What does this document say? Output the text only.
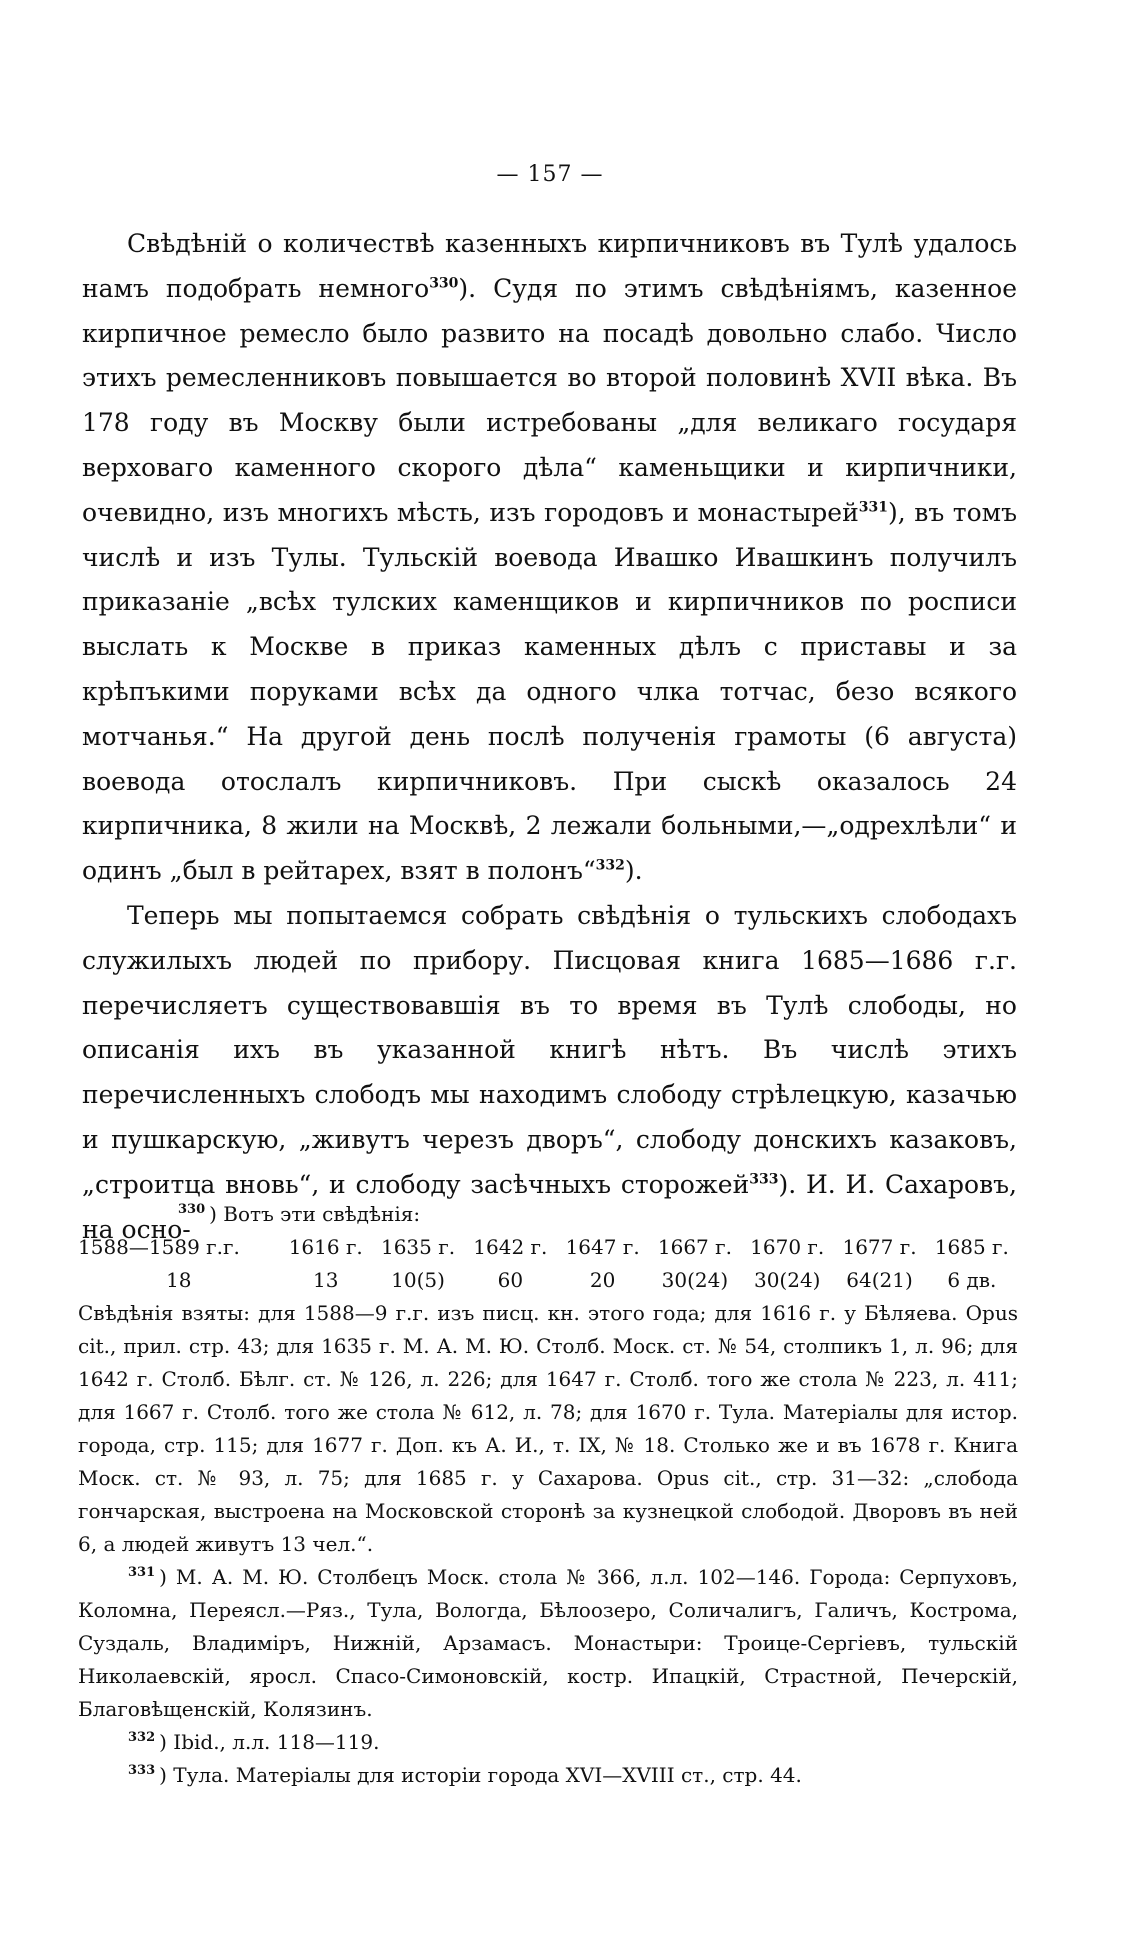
— 157 —

Свѣдѣній о количествѣ казенныхъ кирпичниковъ въ Тулѣ удалось намъ подобрать немного$^{330}$). Судя по этимъ свѣдѣніямъ, казенное кирпичное ремесло было развито на посадѣ довольно слабо. Число этихъ ремесленниковъ повышается во второй половинѣ XVII вѣка. Въ 178 году въ Москву были истребованы „для великаго государя верховаго каменного скорого дѣла“ каменьщики и кирпичники, очевидно, изъ многихъ мѣсть, изъ городовъ и монастырей$^{331}$), въ томъ числѣ и изъ Тулы. Тульскій воевода Ивашко Ивашкинъ получилъ приказаніе „всѣх тулских каменщиков и кирпичников по росписи выслать к Москве в приказ каменных дѣлъ с приставы и за крѣпъкими поруками всѣх да одного члка тотчас, безо всякого мотчанья.“ На другой день послѣ полученія грамоты (6 августа) воевода отослалъ кирпичниковъ. При сыскѣ оказалось 24 кирпичника, 8 жили на Москвѣ, 2 лежали больными,—„одрехлѣли“ и одинъ „был в рейтарех, взят в полонъ“$^{332}$).

Теперь мы попытаемся собрать свѣдѣнія о тульскихъ слободахъ служилыхъ людей по прибору. Писцовая книга 1685—1686 г.г. перечисляетъ существовавшія въ то время въ Тулѣ слободы, но описанія ихъ въ указанной книгѣ нѣтъ. Въ числѣ этихъ перечисленныхъ слободъ мы находимъ слободу стрѣлецкую, казачью и пушкарскую, „живутъ черезъ дворъ“, слободу донскихъ казаковъ, „строитца вновь“, и слободу засѣчныхъ сторожей$^{333}$). И. И. Сахаровъ, на осно-

$^{330}$ ) Вотъ эти свѣдѣнія:

1588—1589 г.г.	1616 г.	1635 г.	1642 г.	1647 г.	1667 г.	1670 г.	1677 г.	1685 г.
18	13	10(5)	60	20	30(24)	30(24)	64(21)	6 дв.

Свѣдѣнія взяты: для 1588—9 г.г. изъ писц. кн. этого года; для 1616 г. у Бѣляева. Opus cit., прил. стр. 43; для 1635 г. М. А. М. Ю. Столб. Моск. ст. № 54, столпикъ 1, л. 96; для 1642 г. Столб. Бѣлг. ст. № 126, л. 226; для 1647 г. Столб. того же стола № 223, л. 411; для 1667 г. Столб. того же стола № 612, л. 78; для 1670 г. Тула. Матеріалы для истор. города, стр. 115; для 1677 г. Доп. къ А. И., т. IX, № 18. Столько же и въ 1678 г. Книга Моск. ст. № 93, л. 75; для 1685 г. у Сахарова. Opus cit., стр. 31—32: „слобода гончарская, выстроена на Московской сторонѣ за кузнецкой слободой. Дворовъ въ ней 6, а людей живутъ 13 чел.“.

$^{331}$ ) М. А. М. Ю. Столбецъ Моск. стола № 366, л.л. 102—146. Города: Серпуховъ, Коломна, Переясл.—Ряз., Тула, Вологда, Бѣлоозеро, Соличалигъ, Галичъ, Кострома, Суздаль, Владиміръ, Нижній, Арзамасъ. Монастыри: Троице-Сергіевъ, тульскій Николаевскій, яросл. Спасо-Симоновскій, костр. Ипацкій, Страстной, Печерскій, Благовѣщенскій, Колязинъ.

$^{332}$ ) Ibid., л.л. 118—119.

$^{333}$ ) Тула. Матеріалы для исторіи города XVI—XVIII ст., стр. 44.
